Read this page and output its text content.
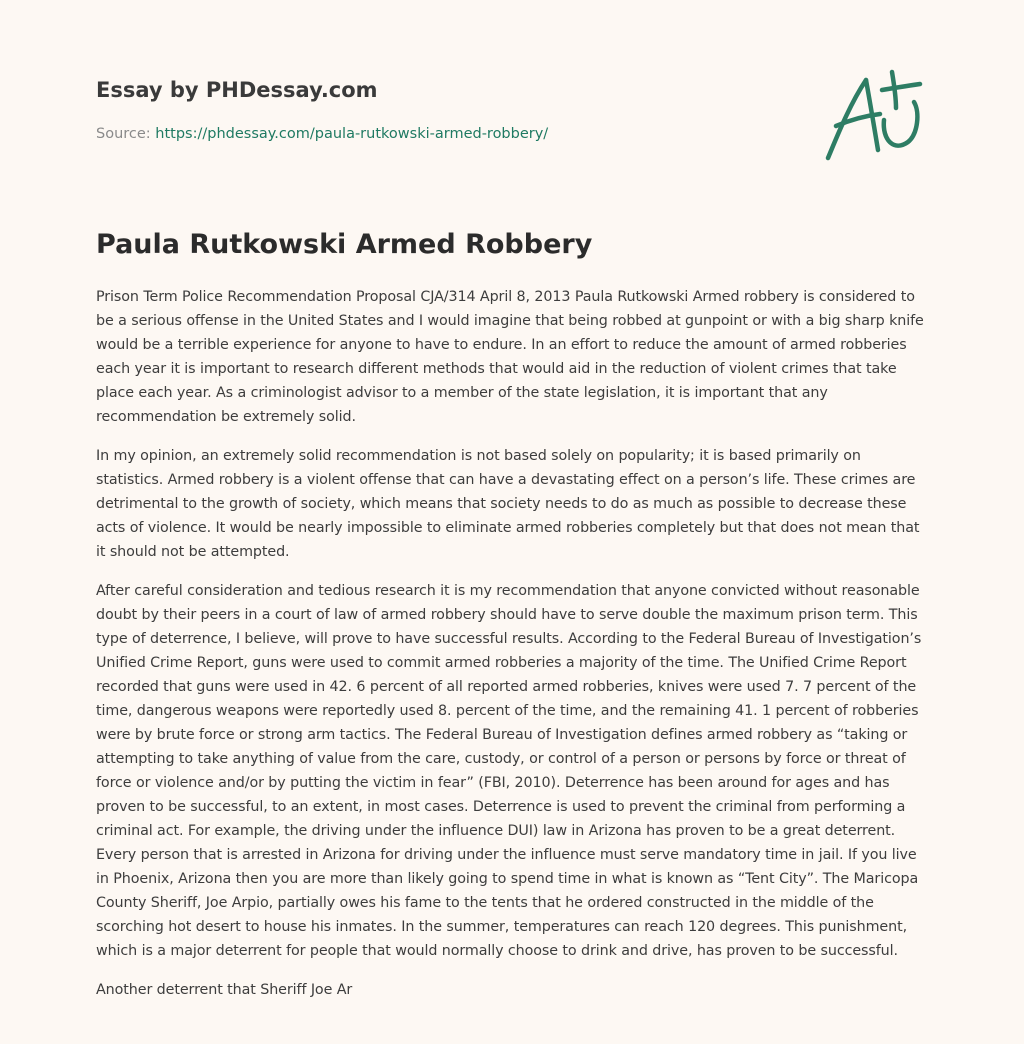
Essay by PHDessay.com
Source: https://phdessay.com/paula-rutkowski-armed-robbery/
Paula Rutkowski Armed Robbery

Prison Term Police Recommendation Proposal CJA/314 April 8, 2013 Paula Rutkowski Armed robbery is considered to be a serious offense in the United States and I would imagine that being robbed at gunpoint or with a big sharp knife would be a terrible experience for anyone to have to endure. In an effort to reduce the amount of armed robberies each year it is important to research different methods that would aid in the reduction of violent crimes that take place each year. As a criminologist advisor to a member of the state legislation, it is important that any recommendation be extremely solid.

In my opinion, an extremely solid recommendation is not based solely on popularity; it is based primarily on statistics. Armed robbery is a violent offense that can have a devastating effect on a person’s life. These crimes are detrimental to the growth of society, which means that society needs to do as much as possible to decrease these acts of violence. It would be nearly impossible to eliminate armed robberies completely but that does not mean that it should not be attempted.

After careful consideration and tedious research it is my recommendation that anyone convicted without reasonable doubt by their peers in a court of law of armed robbery should have to serve double the maximum prison term. This type of deterrence, I believe, will prove to have successful results. According to the Federal Bureau of Investigation’s Unified Crime Report, guns were used to commit armed robberies a majority of the time. The Unified Crime Report recorded that guns were used in 42. 6 percent of all reported armed robberies, knives were used 7. 7 percent of the time, dangerous weapons were reportedly used 8. percent of the time, and the remaining 41. 1 percent of robberies were by brute force or strong arm tactics. The Federal Bureau of Investigation defines armed robbery as “taking or attempting to take anything of value from the care, custody, or control of a person or persons by force or threat of force or violence and/or by putting the victim in fear” (FBI, 2010). Deterrence has been around for ages and has proven to be successful, to an extent, in most cases. Deterrence is used to prevent the criminal from performing a criminal act. For example, the driving under the influence DUI) law in Arizona has proven to be a great deterrent. Every person that is arrested in Arizona for driving under the influence must serve mandatory time in jail. If you live in Phoenix, Arizona then you are more than likely going to spend time in what is known as “Tent City”. The Maricopa County Sheriff, Joe Arpio, partially owes his fame to the tents that he ordered constructed in the middle of the scorching hot desert to house his inmates. In the summer, temperatures can reach 120 degrees. This punishment, which is a major deterrent for people that would normally choose to drink and drive, has proven to be successful.

Another deterrent that Sheriff Joe Ar
